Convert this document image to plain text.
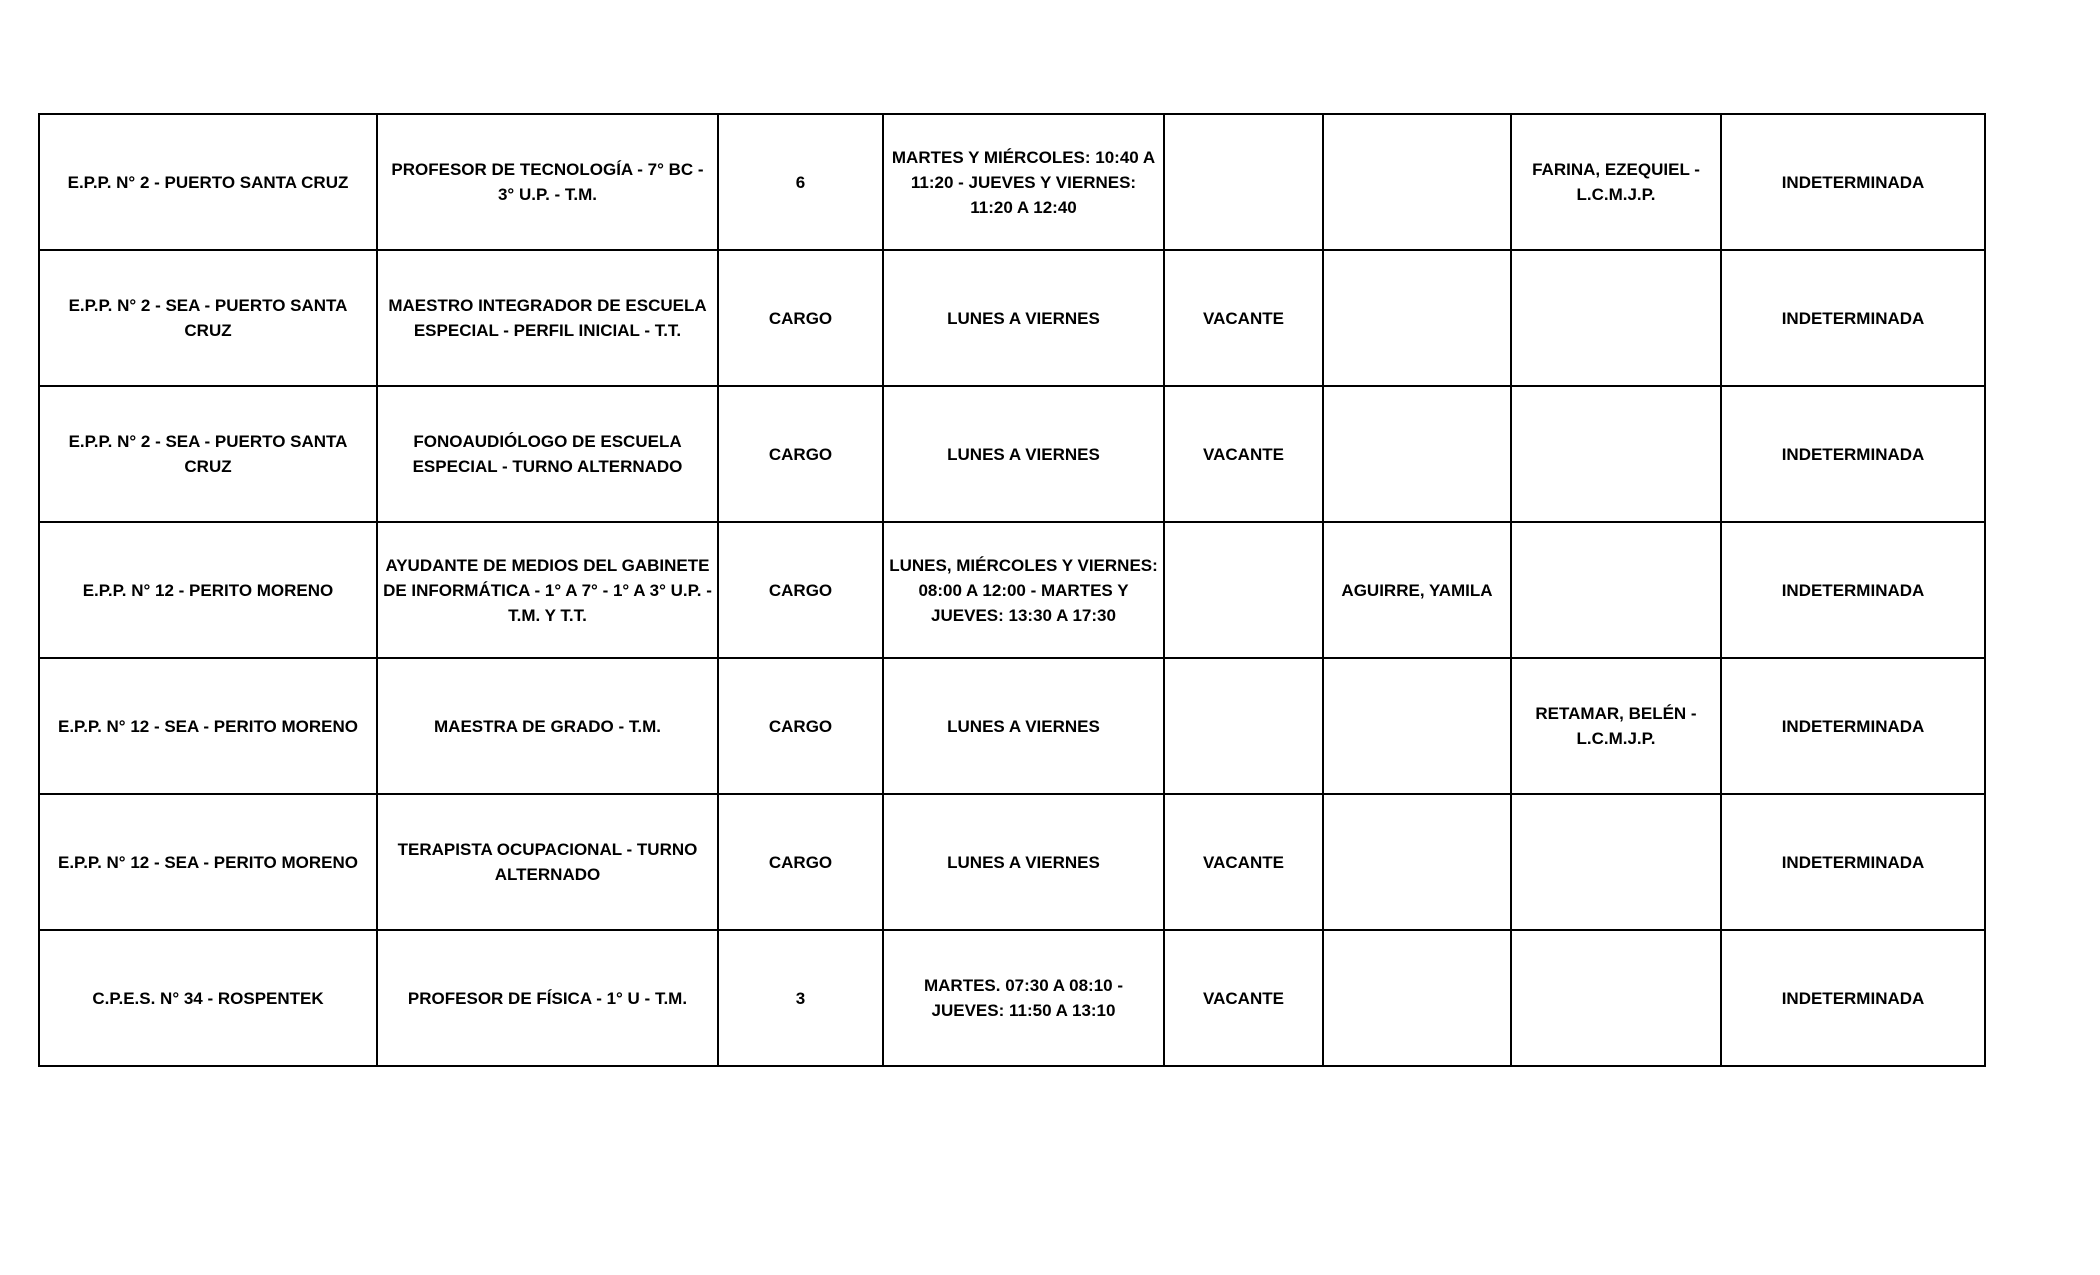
E.P.P. N° 2 - PUERTO SANTA CRUZ	PROFESOR DE TECNOLOGÍA - 7° BC - 3° U.P. - T.M.	6	MARTES Y MIÉRCOLES: 10:40 A 11:20 - JUEVES Y VIERNES: 11:20 A 12:40			FARINA, EZEQUIEL - L.C.M.J.P.	INDETERMINADA
E.P.P. N° 2 - SEA - PUERTO SANTA CRUZ	MAESTRO INTEGRADOR DE ESCUELA ESPECIAL - PERFIL INICIAL - T.T.	CARGO	LUNES A VIERNES	VACANTE			INDETERMINADA
E.P.P. N° 2 - SEA - PUERTO SANTA CRUZ	FONOAUDIÓLOGO DE ESCUELA ESPECIAL - TURNO ALTERNADO	CARGO	LUNES A VIERNES	VACANTE			INDETERMINADA
E.P.P. N° 12 - PERITO MORENO	AYUDANTE DE MEDIOS DEL GABINETE DE INFORMÁTICA - 1° A 7° - 1° A 3° U.P. - T.M. Y T.T.	CARGO	LUNES, MIÉRCOLES Y VIERNES: 08:00 A 12:00 - MARTES Y JUEVES: 13:30 A 17:30		AGUIRRE, YAMILA		INDETERMINADA
E.P.P. N° 12 - SEA - PERITO MORENO	MAESTRA DE GRADO - T.M.	CARGO	LUNES A VIERNES			RETAMAR, BELÉN - L.C.M.J.P.	INDETERMINADA
E.P.P. N° 12 - SEA - PERITO MORENO	TERAPISTA OCUPACIONAL - TURNO ALTERNADO	CARGO	LUNES A VIERNES	VACANTE			INDETERMINADA
C.P.E.S. N° 34 - ROSPENTEK	PROFESOR DE FÍSICA - 1° U - T.M.	3	MARTES. 07:30 A 08:10 - JUEVES: 11:50 A 13:10	VACANTE			INDETERMINADA
